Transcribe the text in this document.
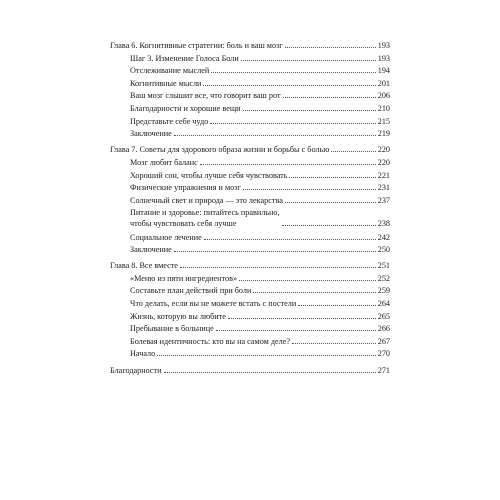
Глава 6. Когнитивные стратегии: боль и ваш мозг	193
Шаг 3. Изменение Голоса Боли	193
Отслеживание мыслей	194
Когнитивные мысли	201
Ваш мозг слышит все, что говорит ваш рот	206
Благодарности и хорошие вещи	210
Представьте себе чудо	215
Заключение	219
Глава 7. Советы для здорового образа жизни и борьбы с болью	220
Мозг любит баланс	220
Хороший сон, чтобы лучше себя чувствовать	221
Физические упражнения и мозг	231
Солнечный свет и природа — это лекарства	237
Питание и здоровье: питайтесь правильно,
чтобы чувствовать себя лучше	238
Социальное лечение	242
Заключение	250
Глава 8. Все вместе	251
«Меню из пяти ингредиентов»	252
Составьте план действий при боли	259
Что делать, если вы не можете встать с постели	264
Жизнь, которую вы любите	265
Пребывание в больнице	266
Болевая идентичность: кто вы на самом деле?	267
Начало	270
Благодарности	271
